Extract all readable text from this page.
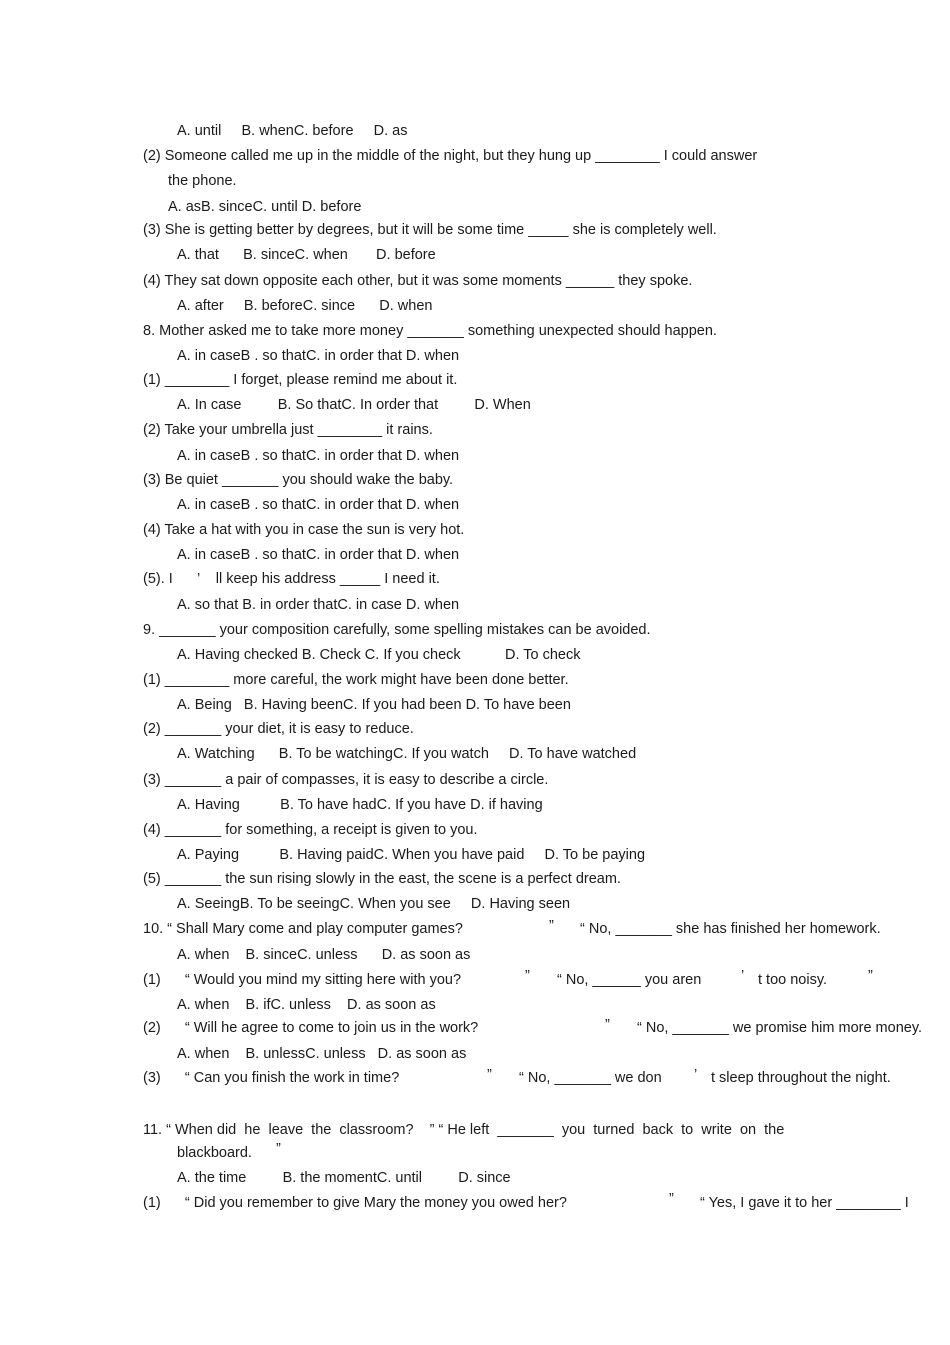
A. until     B. whenC. before     D. as
(2) Someone called me up in the middle of the night, but they hung up ________ I could answer
the phone.
A. asB. sinceC. until D. before
(3) She is getting better by degrees, but it will be some time _____ she is completely well.
A. that      B. sinceC. when       D. before
(4) They sat down opposite each other, but it was some moments ______ they spoke.
A. after     B. beforeC. since      D. when
8. Mother asked me to take more money _______ something unexpected should happen.
A. in caseB . so thatC. in order that D. when
(1) ________ I forget, please remind me about it.
A. In case         B. So thatC. In order that         D. When
(2) Take your umbrella just ________ it rains.
A. in caseB . so thatC. in order that D. when
(3) Be quiet _______ you should wake the baby.
A. in caseB . so thatC. in order that D. when
(4) Take a hat with you in case the sun is very hot.
A. in caseB . so thatC. in order that D. when
(5). I      ’    ll keep his address _____ I need it.
A. so that B. in order thatC. in case D. when
9. _______ your composition carefully, some spelling mistakes can be avoided.
A. Having checked B. Check C. If you check           D. To check
(1) ________ more careful, the work might have been done better.
A. Being   B. Having beenC. If you had been D. To have been
(2) _______ your diet, it is easy to reduce.
A. Watching      B. To be watchingC. If you watch     D. To have watched
(3) _______ a pair of compasses, it is easy to describe a circle.
A. Having          B. To have hadC. If you have D. if having
(4) _______ for something, a receipt is given to you.
A. Paying          B. Having paidC. When you have paid     D. To be paying
(5) _______ the sun rising slowly in the east, the scene is a perfect dream.
A. SeeingB. To be seeingC. When you see     D. Having seen
10. “ Shall Mary come and play computer games?	” “ No, _______ she has finished her homework.
A. when    B. sinceC. unless      D. as soon as
(1)      “ Would you mind my sitting here with you?	” “ No, ______ you aren	’ t too noisy.	”
A. when    B. ifC. unless    D. as soon as
(2)      “ Will he agree to come to join us in the work?	” “ No, _______ we promise him more money.
A. when    B. unlessC. unless   D. as soon as
(3)      “ Can you finish the work in time?	” “ No, _______ we don ’ t sleep throughout the night.
11. “ When did  he  leave  the  classroom?    ” “ He left  _______  you  turned  back  to  write  on  the
blackboard. ”
A. the time         B. the momentC. until         D. since
(1)      “ Did you remember to give Mary the money you owed her?	” “ Yes, I gave it to her ________ I
